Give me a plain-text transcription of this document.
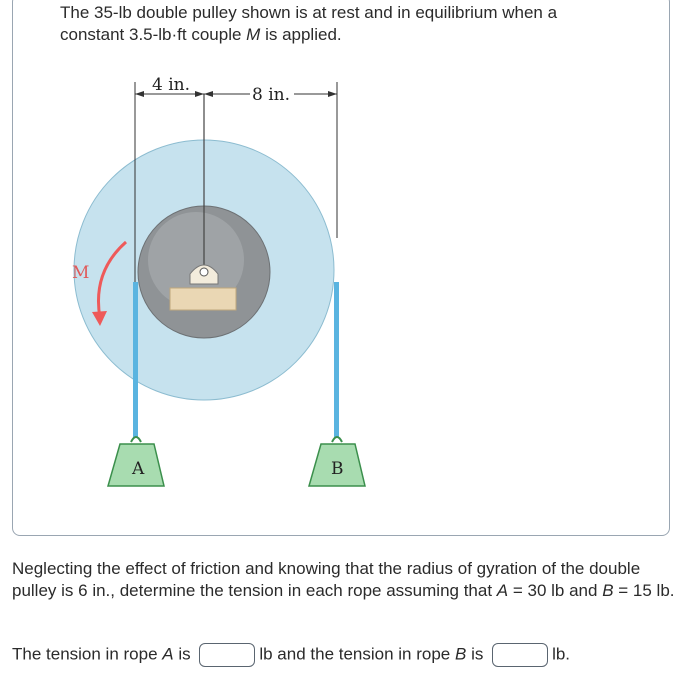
The 35-lb double pulley shown is at rest and in equilibrium when a
constant 3.5-lb·ft couple M is applied.
4 in.	8 in.
M
A	B
Neglecting the effect of friction and knowing that the radius of gyration of the double
pulley is 6 in., determine the tension in each rope assuming that A = 30 lb and B = 15 lb.
The tension in rope A is	lb and the tension in rope B is	lb.
